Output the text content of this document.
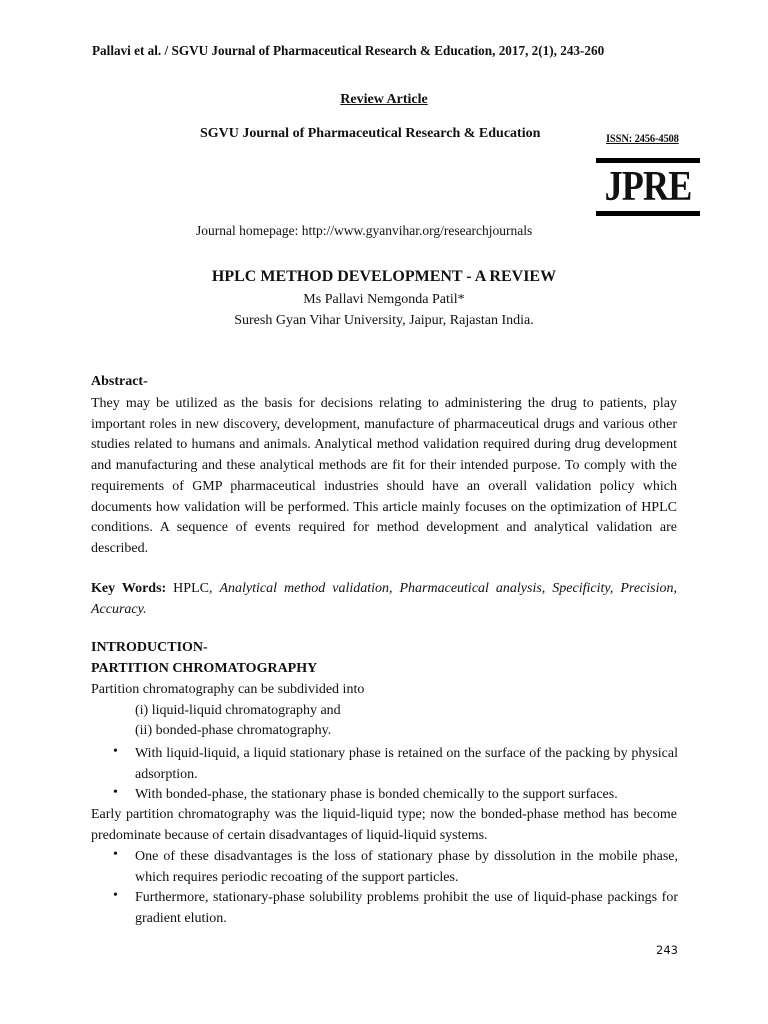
Pallavi et al. / SGVU Journal of Pharmaceutical Research & Education, 2017, 2(1), 243-260
Review Article
SGVU Journal of Pharmaceutical Research & Education	ISSN: 2456-4508
JPRE
Journal homepage: http://www.gyanvihar.org/researchjournals
HPLC METHOD DEVELOPMENT - A REVIEW
Ms Pallavi Nemgonda Patil*
Suresh Gyan Vihar University, Jaipur, Rajastan India.
Abstract-
They may be utilized as the basis for decisions relating to administering the drug to patients, play important roles in new discovery, development, manufacture of pharmaceutical drugs and various other studies related to humans and animals. Analytical method validation required during drug development and manufacturing and these analytical methods are fit for their intended purpose. To comply with the requirements of GMP pharmaceutical industries should have an overall validation policy which documents how validation will be performed. This article mainly focuses on the optimization of HPLC conditions. A sequence of events required for method development and analytical validation are described.
Key Words: HPLC, Analytical method validation, Pharmaceutical analysis, Specificity, Precision, Accuracy.
INTRODUCTION-
PARTITION CHROMATOGRAPHY
Partition chromatography can be subdivided into
(i) liquid-liquid chromatography and
(ii) bonded-phase chromatography.
• With liquid-liquid, a liquid stationary phase is retained on the surface of the packing by physical adsorption.
• With bonded-phase, the stationary phase is bonded chemically to the support surfaces.
Early partition chromatography was the liquid-liquid type; now the bonded-phase method has become predominate because of certain disadvantages of liquid-liquid systems.
• One of these disadvantages is the loss of stationary phase by dissolution in the mobile phase, which requires periodic recoating of the support particles.
• Furthermore, stationary-phase solubility problems prohibit the use of liquid-phase packings for gradient elution.
243
